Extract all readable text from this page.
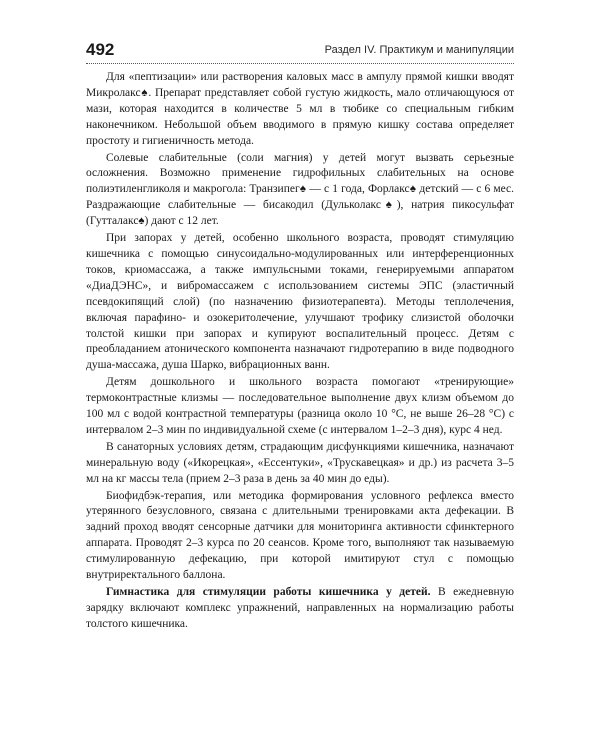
492	Раздел IV. Практикум и манипуляции

Для «пептизации» или растворения каловых масс в ампулу прямой кишки вводят Микролакс♠. Препарат представляет собой густую жидкость, мало отличающуюся от мази, которая находится в количестве 5 мл в тюбике со специальным гибким наконечником. Небольшой объем вводимого в прямую кишку состава определяет простоту и гигиеничность метода.

Солевые слабительные (соли магния) у детей могут вызвать серьезные осложнения. Возможно применение гидрофильных слабительных на основе полиэтиленгликоля и макрогола: Транзипег♠ — с 1 года, Форлакс♠ детский — с 6 мес. Раздражающие слабительные — бисакодил (Дульколакс♠), натрия пикосульфат (Гутталакс♠) дают с 12 лет.

При запорах у детей, особенно школьного возраста, проводят стимуляцию кишечника с помощью синусоидально-модулированных или интерференционных токов, криомассажа, а также импульсными токами, генерируемыми аппаратом «ДиаДЭНС», и вибромассажем с использованием системы ЭПС (эластичный псевдокипящий слой) (по назначению физиотерапевта). Методы теплолечения, включая парафино- и озокеритолечение, улучшают трофику слизистой оболочки толстой кишки при запорах и купируют воспалительный процесс. Детям с преобладанием атонического компонента назначают гидротерапию в виде подводного душа-массажа, душа Шарко, вибрационных ванн.

Детям дошкольного и школьного возраста помогают «тренирующие» термоконтрастные клизмы — последовательное выполнение двух клизм объемом до 100 мл с водой контрастной температуры (разница около 10 °C, не выше 26–28 °C) с интервалом 2–3 мин по индивидуальной схеме (с интервалом 1–2–3 дня), курс 4 нед.

В санаторных условиях детям, страдающим дисфункциями кишечника, назначают минеральную воду («Икорецкая», «Ессентуки», «Трускавецкая» и др.) из расчета 3–5 мл на кг массы тела (прием 2–3 раза в день за 40 мин до еды).

Биофидбэк-терапия, или методика формирования условного рефлекса вместо утерянного безусловного, связана с длительными тренировками акта дефекации. В задний проход вводят сенсорные датчики для мониторинга активности сфинктерного аппарата. Проводят 2–3 курса по 20 сеансов. Кроме того, выполняют так называемую стимулированную дефекацию, при которой имитируют стул с помощью внутриректального баллона.

Гимнастика для стимуляции работы кишечника у детей. В ежедневную зарядку включают комплекс упражнений, направленных на нормализацию работы толстого кишечника.
